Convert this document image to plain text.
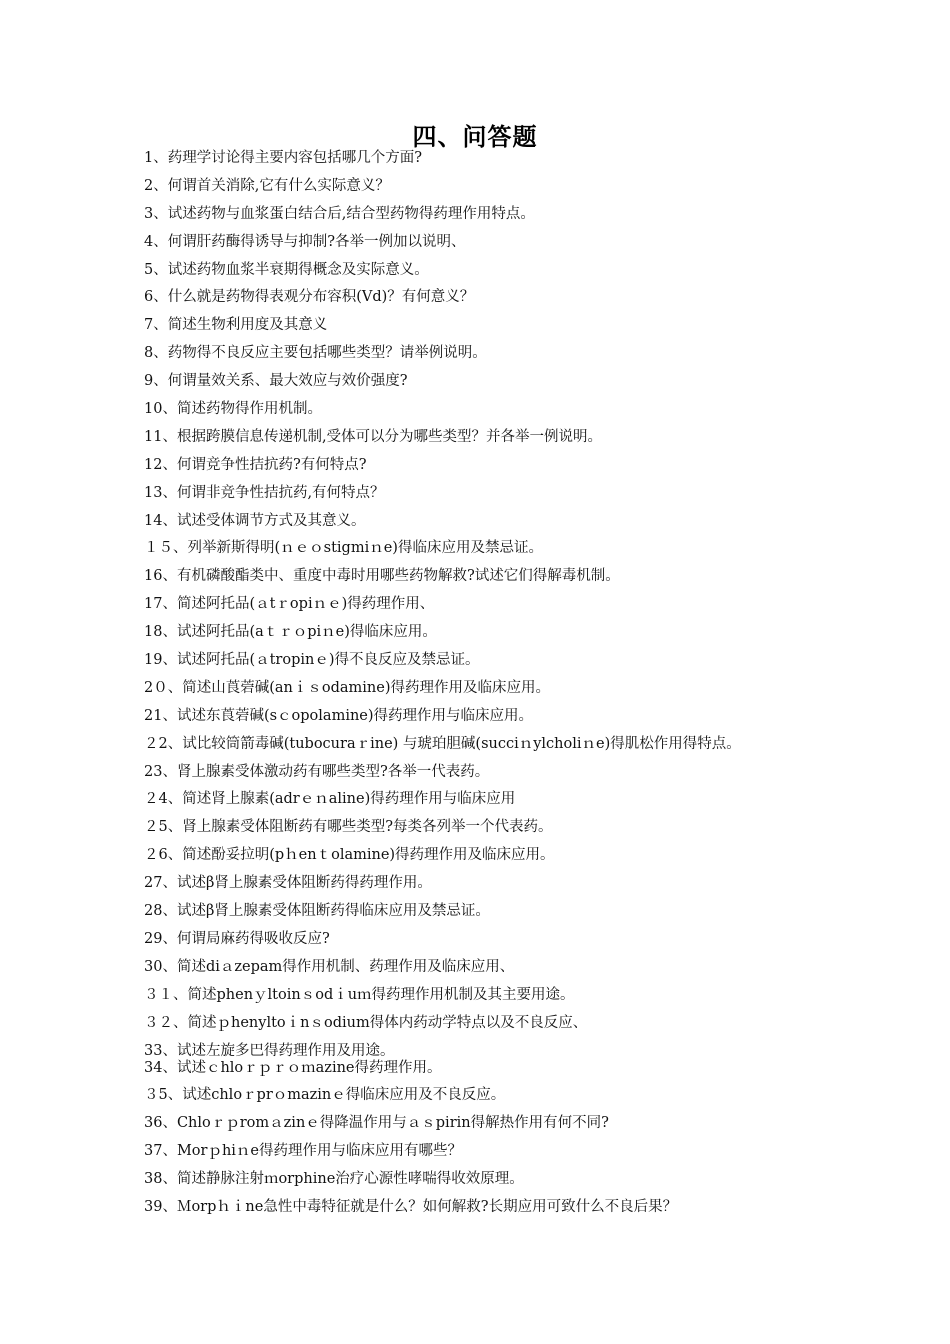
四、问答题
1、药理学讨论得主要内容包括哪几个方面?
2、何谓首关消除,它有什么实际意义？
3、试述药物与血浆蛋白结合后,结合型药物得药理作用特点。
4、何谓肝药酶得诱导与抑制?各举一例加以说明、
5、试述药物血浆半衰期得概念及实际意义。
6、什么就是药物得表观分布容积(Vd)？有何意义？
7、简述生物利用度及其意义
8、药物得不良反应主要包括哪些类型？请举例说明。
9、何谓量效关系、最大效应与效价强度?
10、简述药物得作用机制。
11、根据跨膜信息传递机制,受体可以分为哪些类型？并各举一例说明。
12、何谓竞争性拮抗药?有何特点?
13、何谓非竞争性拮抗药,有何特点？
14、试述受体调节方式及其意义。
１５、列举新斯得明(ｎｅｏstigmiｎe)得临床应用及禁忌证。
16、有机磷酸酯类中、重度中毒时用哪些药物解救?试述它们得解毒机制。
17、简述阿托品(ａtｒopiｎｅ)得药理作用、
18、试述阿托品(aｔｒｏpiｎe)得临床应用。
19、试述阿托品(ａtropinｅ)得不良反应及禁忌证。
2０、简述山莨菪碱(anｉｓodamine)得药理作用及临床应用。
21、试述东莨菪碱(sｃopolamine)得药理作用与临床应用。
２2、试比较筒箭毒碱(tubocuraｒine) 与琥珀胆碱(succiｎylcholiｎe)得肌松作用得特点。
23、肾上腺素受体激动药有哪些类型?各举一代表药。
２4、简述肾上腺素(adrｅｎaline)得药理作用与临床应用
２5、肾上腺素受体阻断药有哪些类型?每类各列举一个代表药。
２6、简述酚妥拉明(pｈenｔolamine)得药理作用及临床应用。
27、试述β肾上腺素受体阻断药得药理作用。
28、试述β肾上腺素受体阻断药得临床应用及禁忌证。
29、何谓局麻药得吸收反应?
30、简述diａzepam得作用机制、药理作用及临床应用、
３１、简述phenｙltoinｓodｉuｍ得药理作用机制及其主要用途。
３２、简述ｐhenyltoｉnｓodium得体内药动学特点以及不良反应、
33、试述左旋多巴得药理作用及用途。
34、试述ｃhloｒｐｒｏｍazine得药理作用。
３5、试述chloｒprｏmazinｅ得临床应用及不良反应。
36、Chloｒｐromａzinｅ得降温作用与ａｓpirin得解热作用有何不同?
37、Morｐhiｎe得药理作用与临床应用有哪些？
38、简述静脉注射ｍorphine治疗心源性哮喘得收效原理。
39、Ｍorpｈｉne急性中毒特征就是什么？如何解救?长期应用可致什么不良后果？
